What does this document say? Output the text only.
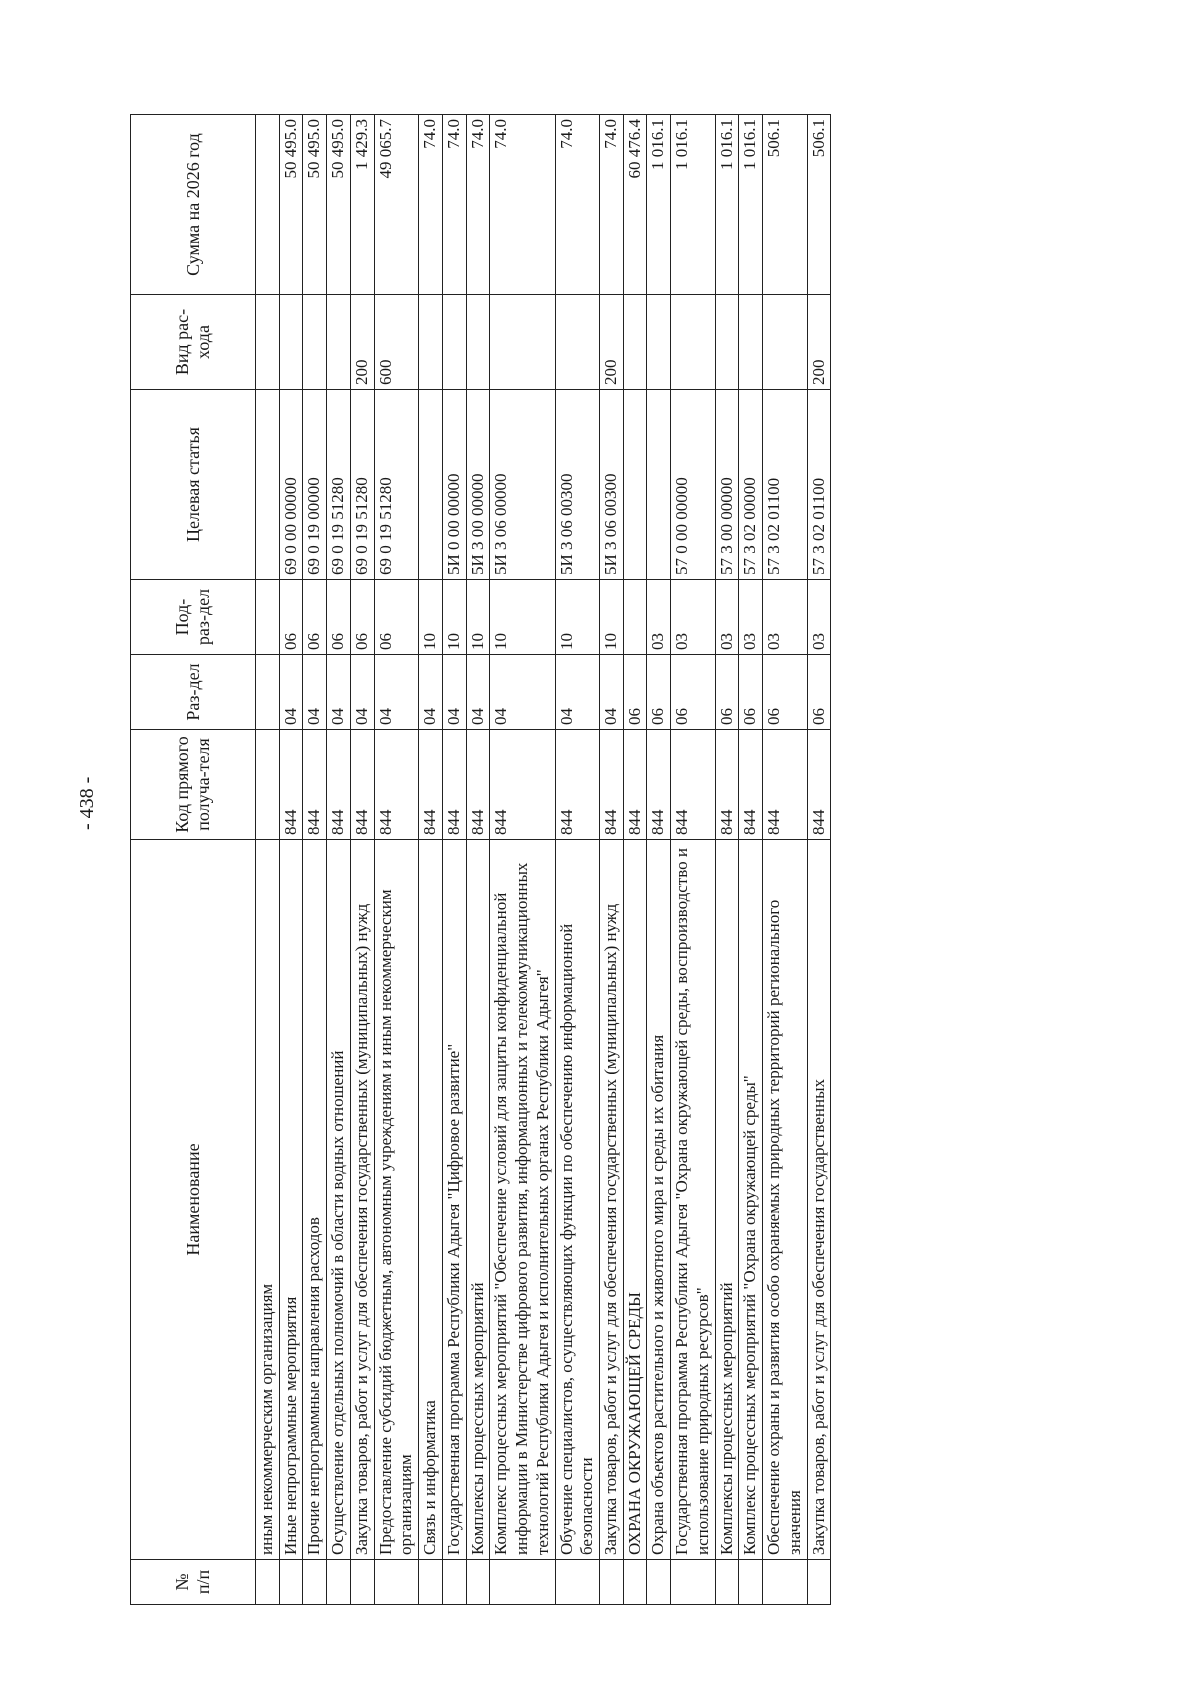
- 438 -
№ п/п	Наименование	Код прямого получа-теля	Раз-дел	Под-раз-дел	Целевая статья	Вид рас-хода	Сумма на 2026 год
	иным некоммерческим организациям						
	Иные непрограммные мероприятия	844	04	06	69 0 00 00000		50 495.0
	Прочие непрограммные направления расходов	844	04	06	69 0 19 00000		50 495.0
	Осуществление отдельных полномочий в области водных отношений	844	04	06	69 0 19 51280		50 495.0
	Закупка товаров, работ и услуг для обеспечения государственных (муниципальных) нужд	844	04	06	69 0 19 51280	200	1 429.3
	Предоставление субсидий бюджетным, автономным учреждениям и иным некоммерческим организациям	844	04	06	69 0 19 51280	600	49 065.7
	Связь и информатика	844	04	10			74.0
	Государственная программа Республики Адыгея "Цифровое развитие"	844	04	10	5И 0 00 00000		74.0
	Комплексы процессных мероприятий	844	04	10	5И 3 00 00000		74.0
	Комплекс процессных мероприятий "Обеспечение условий для защиты конфиденциальной информации в Министерстве цифрового развития, информационных и телекоммуникационных технологий Республики Адыгея и исполнительных органах Республики Адыгея"	844	04	10	5И 3 06 00000		74.0
	Обучение специалистов, осуществляющих функции по обеспечению информационной безопасности	844	04	10	5И 3 06 00300		74.0
	Закупка товаров, работ и услуг для обеспечения государственных (муниципальных) нужд	844	04	10	5И 3 06 00300	200	74.0
	ОХРАНА ОКРУЖАЮЩЕЙ СРЕДЫ	844	06				60 476.4
	Охрана объектов растительного и животного мира и среды их обитания	844	06	03			1 016.1
	Государственная программа Республики Адыгея "Охрана окружающей среды, воспроизводство и использование природных ресурсов"	844	06	03	57 0 00 00000		1 016.1
	Комплексы процессных мероприятий	844	06	03	57 3 00 00000		1 016.1
	Комплекс процессных мероприятий "Охрана окружающей среды"	844	06	03	57 3 02 00000		1 016.1
	Обеспечение охраны и развития особо охраняемых природных территорий регионального значения	844	06	03	57 3 02 01100		506.1
	Закупка товаров, работ и услуг для обеспечения государственных	844	06	03	57 3 02 01100	200	506.1
